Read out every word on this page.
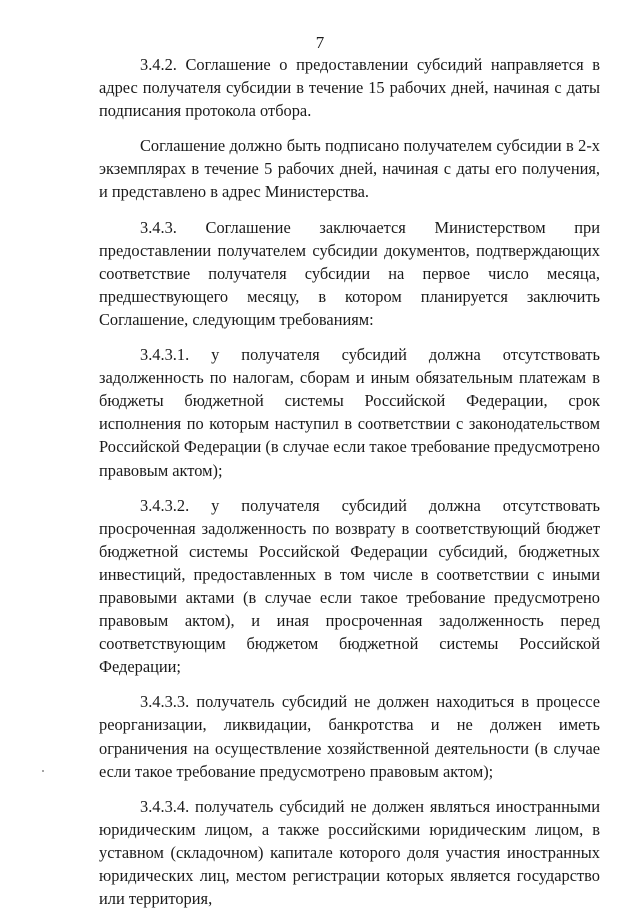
7

3.4.2. Соглашение о предоставлении субсидий направляется в адрес получателя субсидии в течение 15 рабочих дней, начиная с даты подписания протокола отбора.

Соглашение должно быть подписано получателем субсидии в 2-х экземплярах в течение 5 рабочих дней, начиная с даты его получения, и представлено в адрес Министерства.

3.4.3. Соглашение заключается Министерством при предоставлении получателем субсидии документов, подтверждающих соответствие получателя субсидии на первое число месяца, предшествующего месяцу, в котором планируется заключить Соглашение, следующим требованиям:

3.4.3.1. у получателя субсидий должна отсутствовать задолженность по налогам, сборам и иным обязательным платежам в бюджеты бюджетной системы Российской Федерации, срок исполнения по которым наступил в соответствии с законодательством Российской Федерации (в случае если такое требование предусмотрено правовым актом);

3.4.3.2. у получателя субсидий должна отсутствовать просроченная задолженность по возврату в соответствующий бюджет бюджетной системы Российской Федерации субсидий, бюджетных инвестиций, предоставленных в том числе в соответствии с иными правовыми актами (в случае если такое требование предусмотрено правовым актом), и иная просроченная задолженность перед соответствующим бюджетом бюджетной системы Российской Федерации;

3.4.3.3. получатель субсидий не должен находиться в процессе реорганизации, ликвидации, банкротства и не должен иметь ограничения на осуществление хозяйственной деятельности (в случае если такое требование предусмотрено правовым актом);

3.4.3.4. получатель субсидий не должен являться иностранными юридическим лицом, а также российскими юридическим лицом, в уставном (складочном) капитале которого доля участия иностранных юридических лиц, местом регистрации которых является государство или территория,
